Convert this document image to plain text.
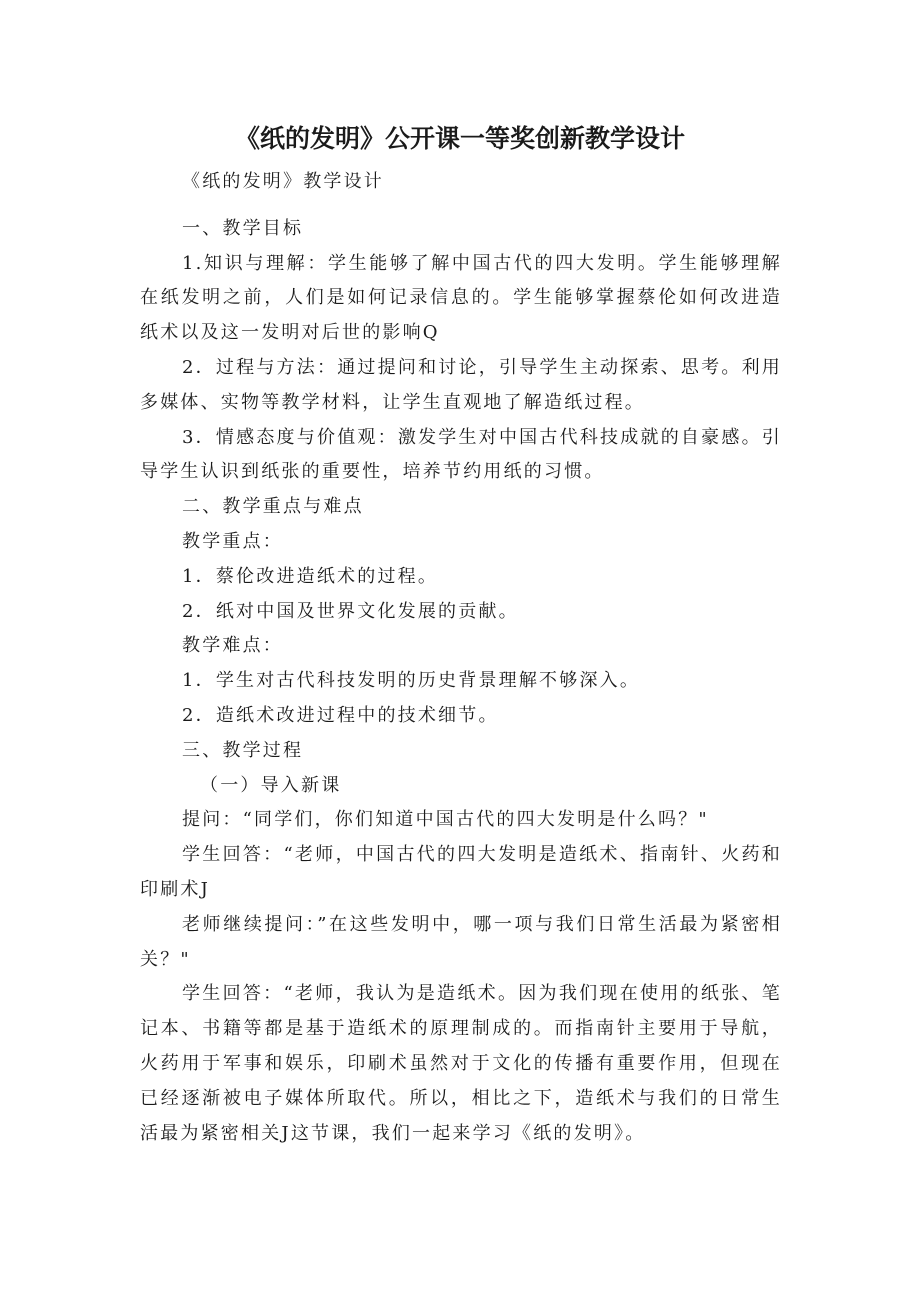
《纸的发明》公开课一等奖创新教学设计

《纸的发明》教学设计

一、教学目标

1.知识与理解：学生能够了解中国古代的四大发明。学生能够理解在纸发明之前，人们是如何记录信息的。学生能够掌握蔡伦如何改进造纸术以及这一发明对后世的影响Q

2．过程与方法：通过提问和讨论，引导学生主动探索、思考。利用多媒体、实物等教学材料，让学生直观地了解造纸过程。

3．情感态度与价值观：激发学生对中国古代科技成就的自豪感。引导学生认识到纸张的重要性，培养节约用纸的习惯。

二、教学重点与难点

教学重点：

1．蔡伦改进造纸术的过程。

2．纸对中国及世界文化发展的贡献。

教学难点：

1．学生对古代科技发明的历史背景理解不够深入。

2．造纸术改进过程中的技术细节。

三、教学过程

（一）导入新课

提问：“同学们，你们知道中国古代的四大发明是什么吗？"

学生回答：“老师，中国古代的四大发明是造纸术、指南针、火药和印刷术J

老师继续提问：”在这些发明中，哪一项与我们日常生活最为紧密相关？"

学生回答：“老师，我认为是造纸术。因为我们现在使用的纸张、笔记本、书籍等都是基于造纸术的原理制成的。而指南针主要用于导航，火药用于军事和娱乐，印刷术虽然对于文化的传播有重要作用，但现在已经逐渐被电子媒体所取代。所以，相比之下，造纸术与我们的日常生活最为紧密相关J这节课，我们一起来学习《纸的发明》。
